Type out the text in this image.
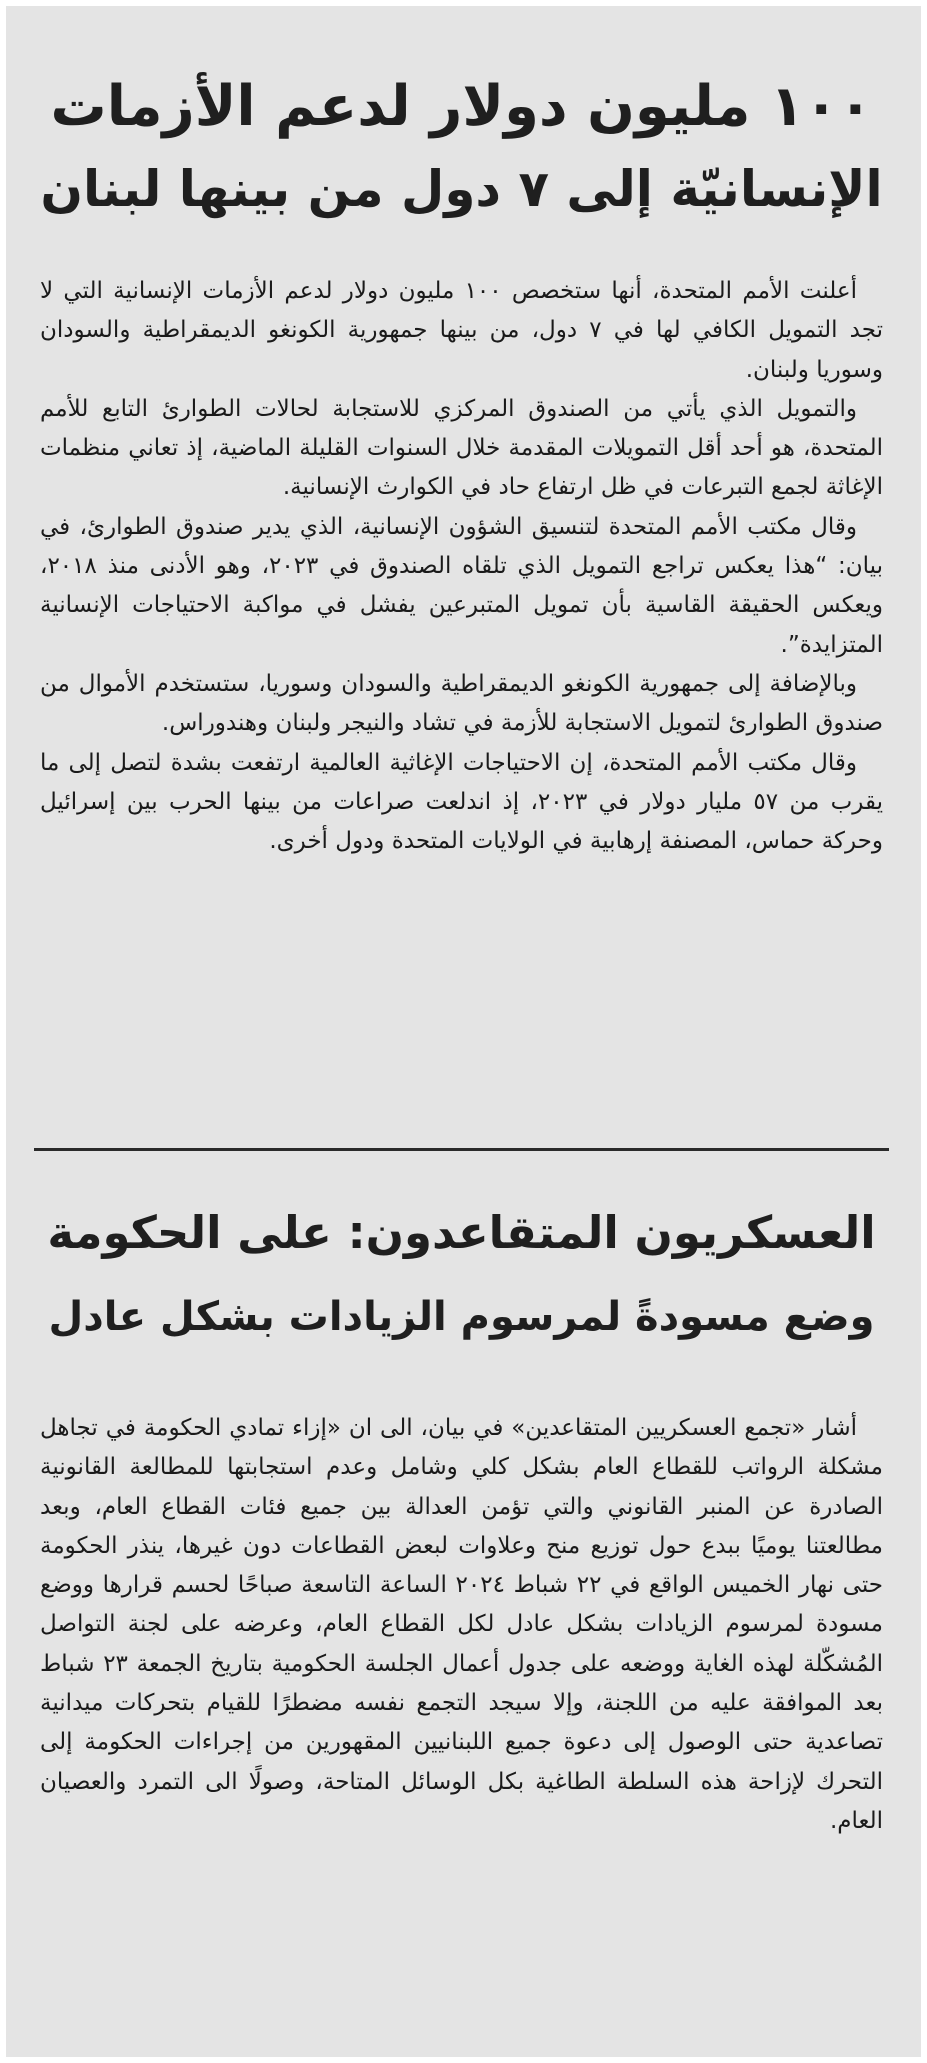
١٠٠ مليون دولار لدعم الأزمات
الإنسانيّة إلى ٧ دول من بينها لبنان

أعلنت الأمم المتحدة، أنها ستخصص ١٠٠ مليون دولار لدعم الأزمات الإنسانية التي لا تجد التمويل الكافي لها في ٧ دول، من بينها جمهورية الكونغو الديمقراطية والسودان وسوريا ولبنان.

والتمويل الذي يأتي من الصندوق المركزي للاستجابة لحالات الطوارئ التابع للأمم المتحدة، هو أحد أقل التمويلات المقدمة خلال السنوات القليلة الماضية، إذ تعاني منظمات الإغاثة لجمع التبرعات في ظل ارتفاع حاد في الكوارث الإنسانية.

وقال مكتب الأمم المتحدة لتنسيق الشؤون الإنسانية، الذي يدير صندوق الطوارئ، في بيان: “هذا يعكس تراجع التمويل الذي تلقاه الصندوق في ٢٠٢٣، وهو الأدنى منذ ٢٠١٨، ويعكس الحقيقة القاسية بأن تمويل المتبرعين يفشل في مواكبة الاحتياجات الإنسانية المتزايدة”.

وبالإضافة إلى جمهورية الكونغو الديمقراطية والسودان وسوريا، ستستخدم الأموال من صندوق الطوارئ لتمويل الاستجابة للأزمة في تشاد والنيجر ولبنان وهندوراس.

وقال مكتب الأمم المتحدة، إن الاحتياجات الإغاثية العالمية ارتفعت بشدة لتصل إلى ما يقرب من ٥٧ مليار دولار في ٢٠٢٣، إذ اندلعت صراعات من بينها الحرب بين إسرائيل وحركة حماس، المصنفة إرهابية في الولايات المتحدة ودول أخرى.

العسكريون المتقاعدون: على الحكومة
وضع مسودةً لمرسوم الزيادات بشكل عادل

أشار «تجمع العسكريين المتقاعدين» في بيان، الى ان «إزاء تمادي الحكومة في تجاهل مشكلة الرواتب للقطاع العام بشكل كلي وشامل وعدم استجابتها للمطالعة القانونية الصادرة عن المنبر القانوني والتي تؤمن العدالة بين جميع فئات القطاع العام، وبعد مطالعتنا يوميًا ببدع حول توزيع منح وعلاوات لبعض القطاعات دون غيرها، ينذر الحكومة حتى نهار الخميس الواقع في ٢٢ شباط ٢٠٢٤ الساعة التاسعة صباحًا لحسم قرارها ووضع مسودة لمرسوم الزيادات بشكل عادل لكل القطاع العام، وعرضه على لجنة التواصل المُشكّلة لهذه الغاية ووضعه على جدول أعمال الجلسة الحكومية بتاريخ الجمعة ٢٣ شباط بعد الموافقة عليه من اللجنة، وإلا سيجد التجمع نفسه مضطرًا للقيام بتحركات ميدانية تصاعدية حتى الوصول إلى دعوة جميع اللبنانيين المقهورين من إجراءات الحكومة إلى التحرك لإزاحة هذه السلطة الطاغية بكل الوسائل المتاحة، وصولًا الى التمرد والعصيان العام.
